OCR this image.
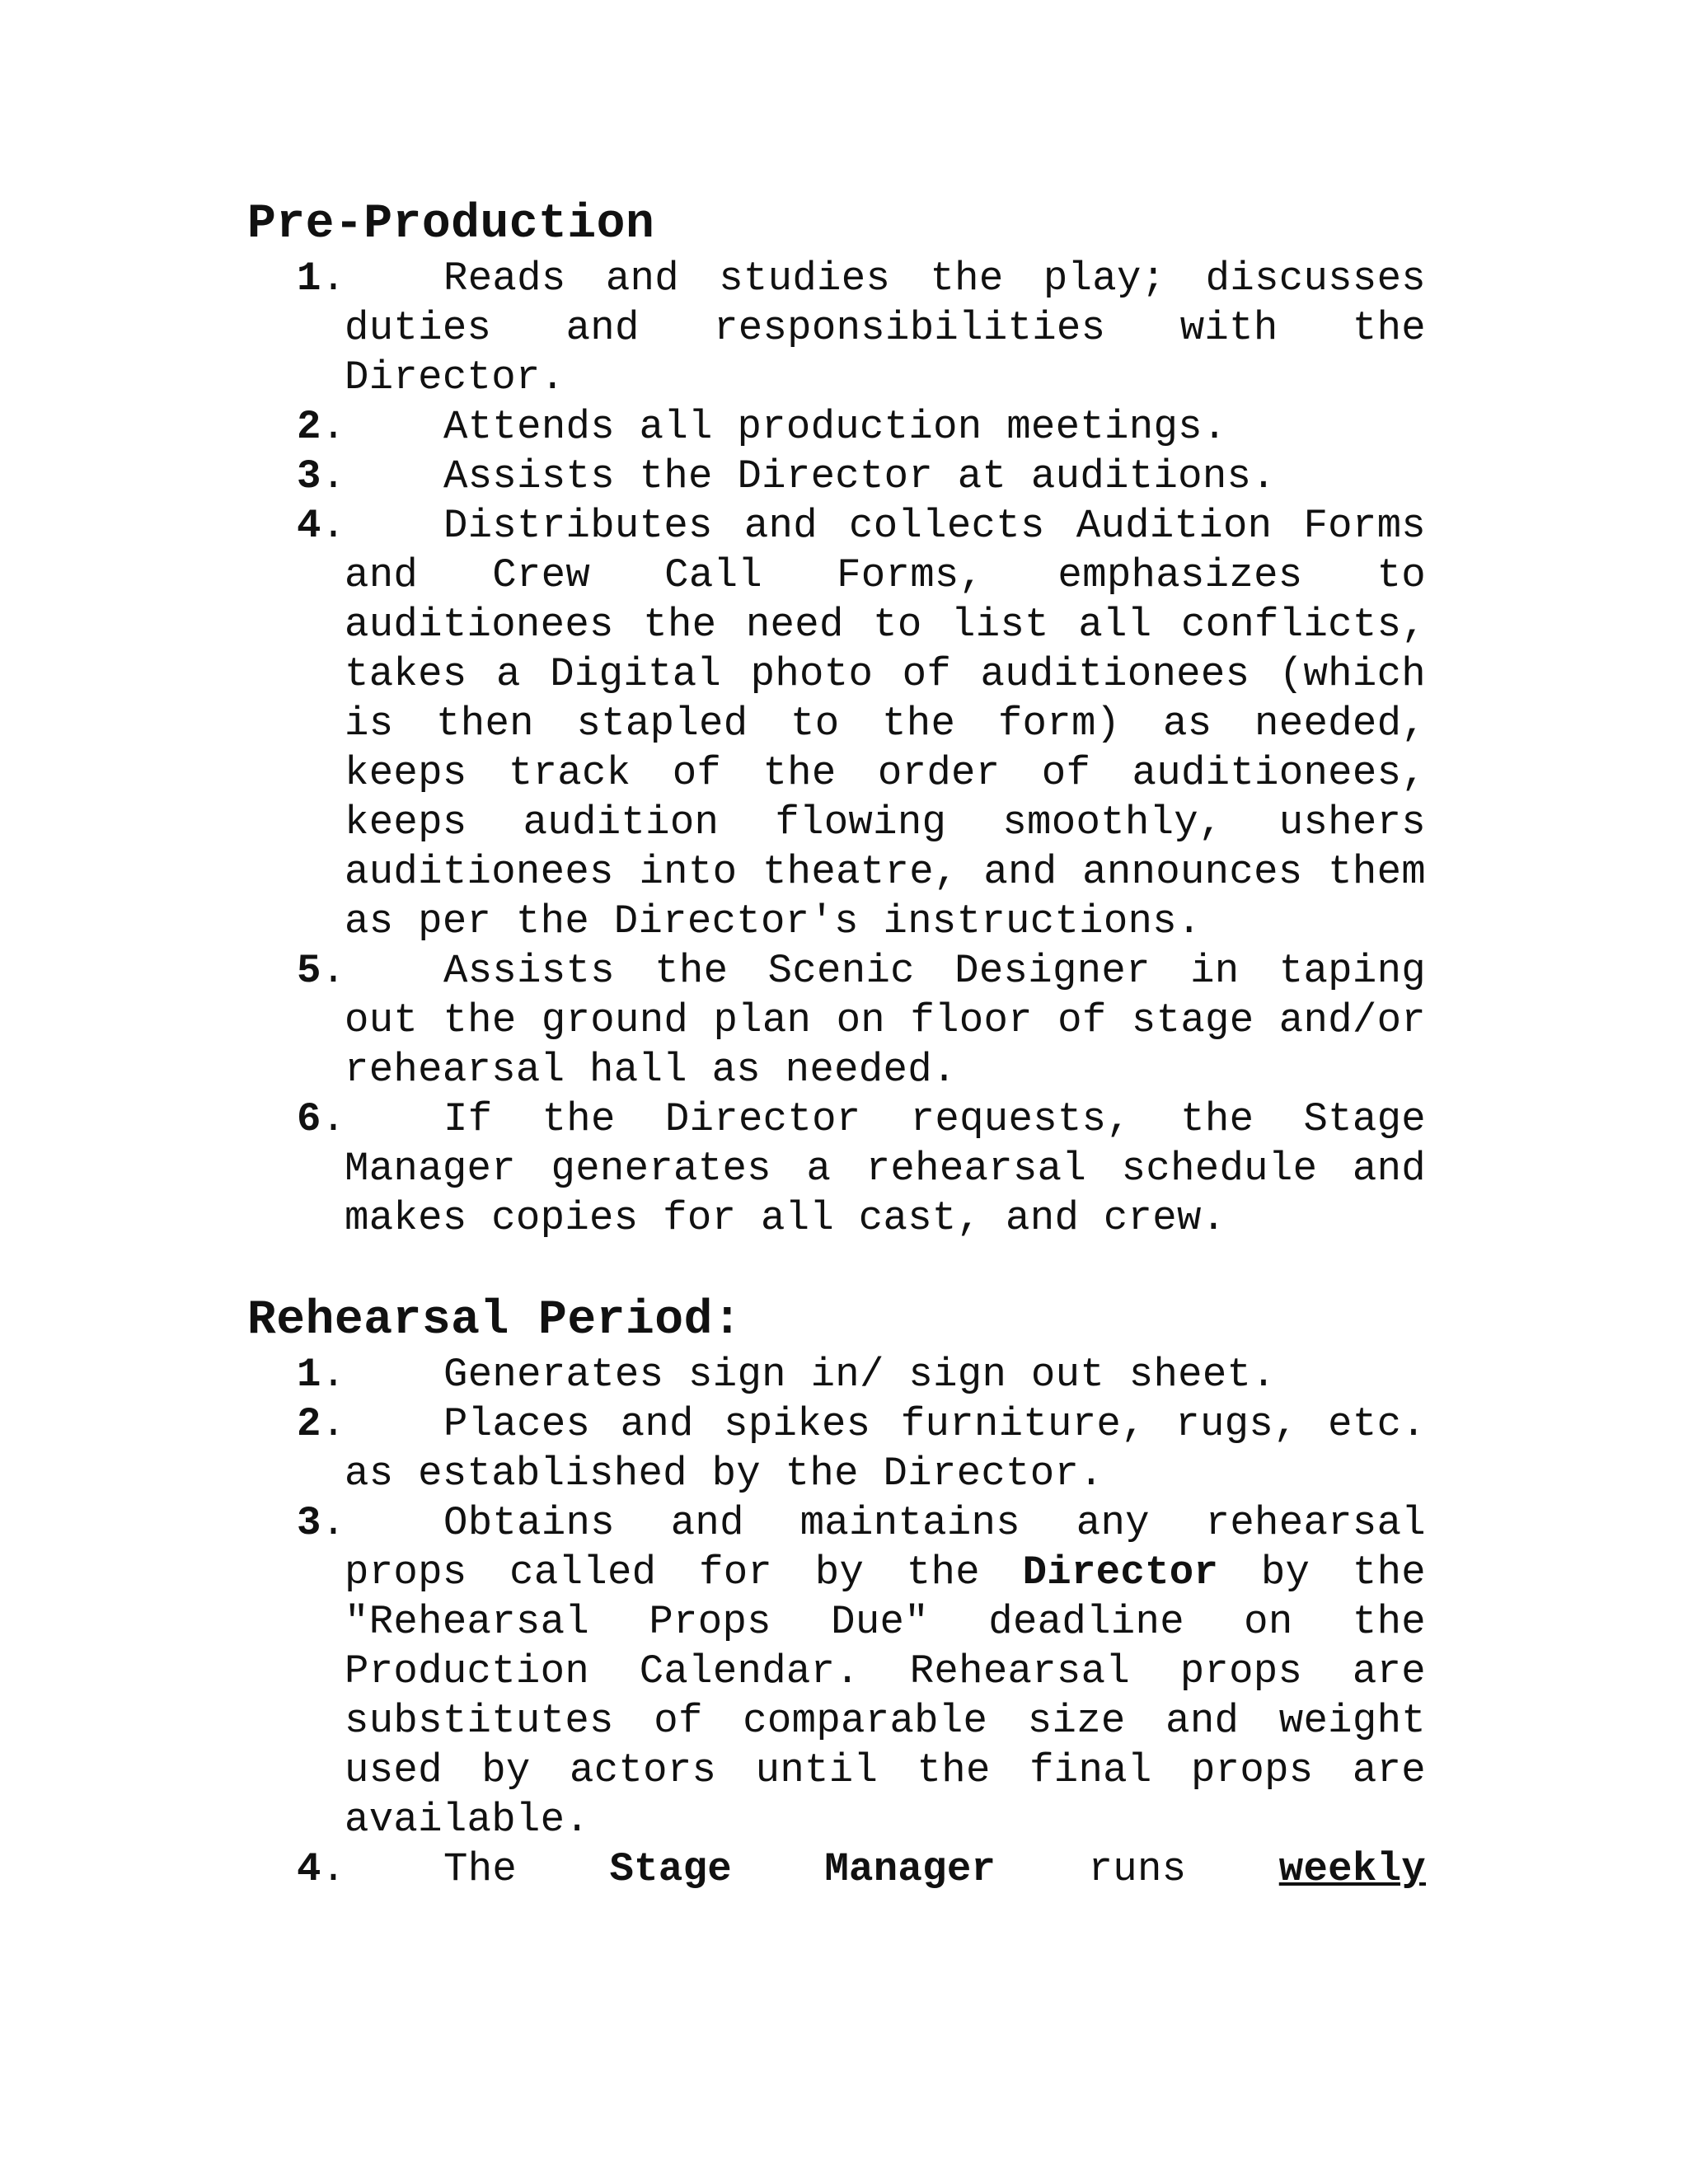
Pre-Production
1. Reads and studies the play; discusses duties and responsibilities with the Director.
2. Attends all production meetings.
3. Assists the Director at auditions.
4. Distributes and collects Audition Forms and Crew Call Forms, emphasizes to auditionees the need to list all conflicts, takes a Digital photo of auditionees (which is then stapled to the form) as needed, keeps track of the order of auditionees, keeps audition flowing smoothly, ushers auditionees into theatre, and announces them as per the Director's instructions.
5. Assists the Scenic Designer in taping out the ground plan on floor of stage and/or rehearsal hall as needed.
6. If the Director requests, the Stage Manager generates a rehearsal schedule and makes copies for all cast, and crew.
Rehearsal Period:
1. Generates sign in/ sign out sheet.
2. Places and spikes furniture, rugs, etc. as established by the Director.
3. Obtains and maintains any rehearsal props called for by the Director by the "Rehearsal Props Due" deadline on the Production Calendar. Rehearsal props are substitutes of comparable size and weight used by actors until the final props are available.
4. The Stage Manager runs weekly
